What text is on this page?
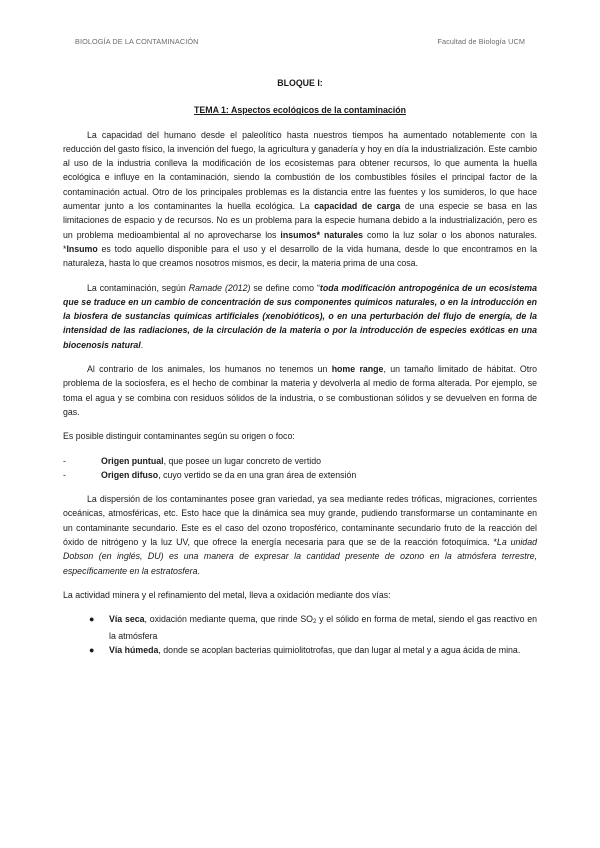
BIOLOGÍA DE LA CONTAMINACIÓN	Facultad de Biología UCM
BLOQUE I:
TEMA 1: Aspectos ecológicos de la contaminación

La capacidad del humano desde el paleolítico hasta nuestros tiempos ha aumentado notablemente con la reducción del gasto físico, la invención del fuego, la agricultura y ganadería y hoy en día la industrialización. Este cambio al uso de la industria conlleva la modificación de los ecosistemas para obtener recursos, lo que aumenta la huella ecológica e influye en la contaminación, siendo la combustión de los combustibles fósiles el principal factor de la contaminación actual. Otro de los principales problemas es la distancia entre las fuentes y los sumideros, lo que hace aumentar junto a los contaminantes la huella ecológica. La capacidad de carga de una especie se basa en las limitaciones de espacio y de recursos. No es un problema para la especie humana debido a la industrialización, pero es un problema medioambiental al no aprovecharse los insumos* naturales como la luz solar o los abonos naturales. *Insumo es todo aquello disponible para el uso y el desarrollo de la vida humana, desde lo que encontramos en la naturaleza, hasta lo que creamos nosotros mismos, es decir, la materia prima de una cosa.

La contaminación, según Ramade (2012) se define como “toda modificación antropogénica de un ecosistema que se traduce en un cambio de concentración de sus componentes químicos naturales, o en la introducción en la biosfera de sustancias químicas artificiales (xenobióticos), o en una perturbación del flujo de energía, de la intensidad de las radiaciones, de la circulación de la materia o por la introducción de especies exóticas en una biocenosis natural.

Al contrario de los animales, los humanos no tenemos un home range, un tamaño limitado de hábitat. Otro problema de la sociosfera, es el hecho de combinar la materia y devolverla al medio de forma alterada. Por ejemplo, se toma el agua y se combina con residuos sólidos de la industria, o se combustionan sólidos y se devuelven en forma de gas.

Es posible distinguir contaminantes según su origen o foco:

-	Origen puntual, que posee un lugar concreto de vertido
-	Origen difuso, cuyo vertido se da en una gran área de extensión

La dispersión de los contaminantes posee gran variedad, ya sea mediante redes tróficas, migraciones, corrientes oceánicas, atmosféricas, etc. Esto hace que la dinámica sea muy grande, pudiendo transformarse un contaminante en un contaminante secundario. Este es el caso del ozono troposférico, contaminante secundario fruto de la reacción del óxido de nitrógeno y la luz UV, que ofrece la energía necesaria para que se de la reacción fotoquímica. *La unidad Dobson (en inglés, DU) es una manera de expresar la cantidad presente de ozono en la atmósfera terrestre, específicamente en la estratosfera.

La actividad minera y el refinamiento del metal, lleva a oxidación mediante dos vías:

● Vía seca, oxidación mediante quema, que rinde $SO_2$ y el sólido en forma de metal, siendo el gas reactivo en la atmósfera
● Vía húmeda, donde se acoplan bacterias quimiolitotrofas, que dan lugar al metal y a agua ácida de mina.
